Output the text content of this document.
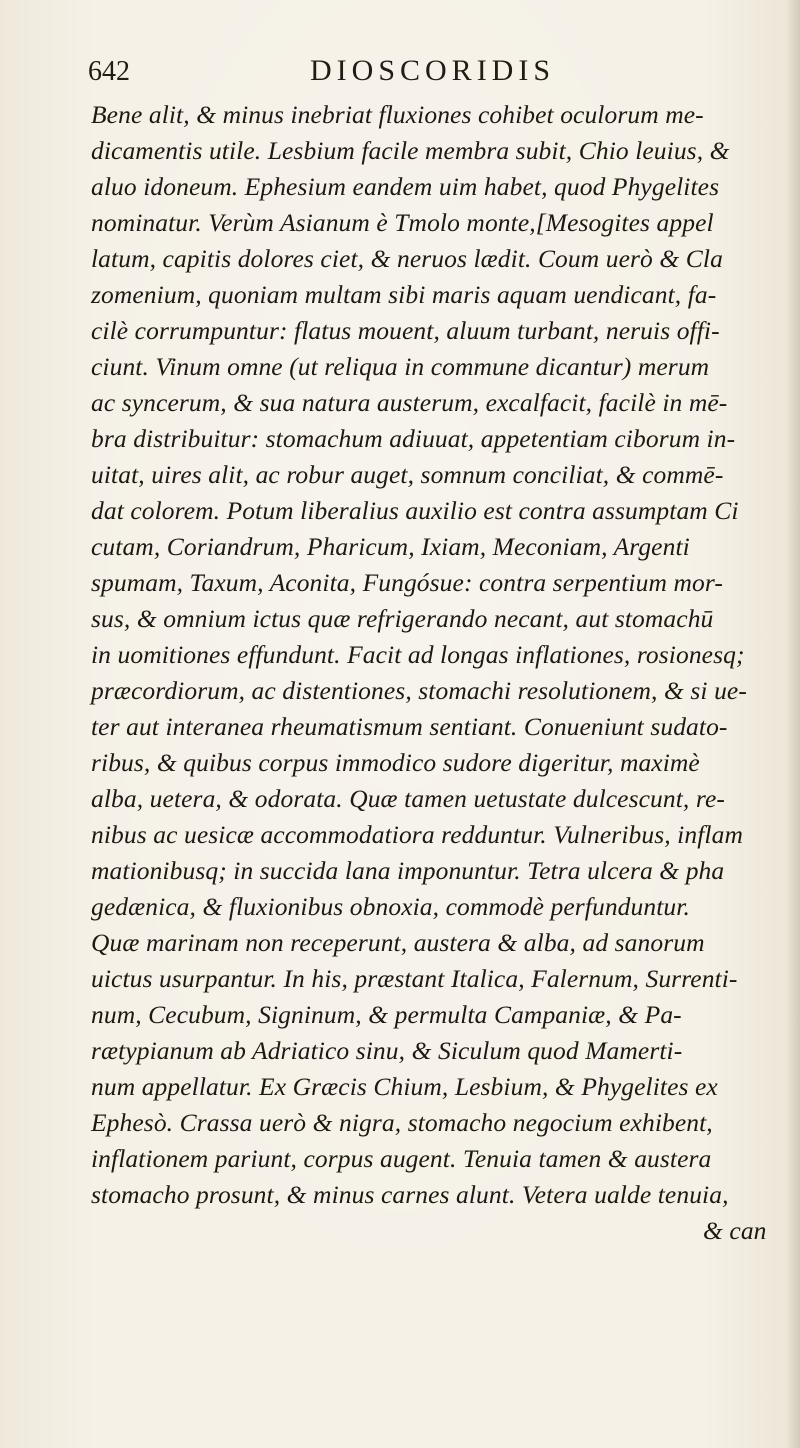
642	DIOSCORIDIS
Bene alit, & minus inebriat fluxiones cohibet oculorum me-
dicamentis utile. Lesbium facile membra subit, Chio leuius, &
aluo idoneum. Ephesium eandem uim habet, quod Phygelites
nominatur. Verùm Asianum è Tmolo monte,[Mesogites appel
latum, capitis dolores ciet, & neruos lædit. Coum uerò & Cla
zomenium, quoniam multam sibi maris aquam uendicant, fa-
cilè corrumpuntur: flatus mouent, aluum turbant, neruis offi-
ciunt. Vinum omne (ut reliqua in commune dicantur) merum
ac syncerum, & sua natura austerum, excalfacit, facilè in mē-
bra distribuitur: stomachum adiuuat, appetentiam ciborum in-
uitat, uires alit, ac robur auget, somnum conciliat, & commē-
dat colorem. Potum liberalius auxilio est contra assumptam Ci
cutam, Coriandrum, Pharicum, Ixiam, Meconiam, Argenti
spumam, Taxum, Aconita, Fungósue: contra serpentium mor-
sus, & omnium ictus quæ refrigerando necant, aut stomachū
in uomitiones effundunt. Facit ad longas inflationes, rosionesq;
præcordiorum, ac distentiones, stomachi resolutionem, & si ue-
ter aut interanea rheumatismum sentiant. Conueniunt sudato-
ribus, & quibus corpus immodico sudore digeritur, maximè
alba, uetera, & odorata. Quæ tamen uetustate dulcescunt, re-
nibus ac uesicæ accommodatiora redduntur. Vulneribus, inflam
mationibusq; in succida lana imponuntur. Tetra ulcera & pha
gedænica, & fluxionibus obnoxia, commodè perfunduntur.
Quæ marinam non receperunt, austera & alba, ad sanorum
uictus usurpantur. In his, præstant Italica, Falernum, Surrenti-
num, Cecubum, Signinum, & permulta Campaniæ, & Pa-
rætypianum ab Adriatico sinu, & Siculum quod Mamerti-
num appellatur. Ex Græcis Chium, Lesbium, & Phygelites ex
Ephesò. Crassa uerò & nigra, stomacho negocium exhibent,
inflationem pariunt, corpus augent. Tenuia tamen & austera
stomacho prosunt, & minus carnes alunt. Vetera ualde tenuia,
& can
